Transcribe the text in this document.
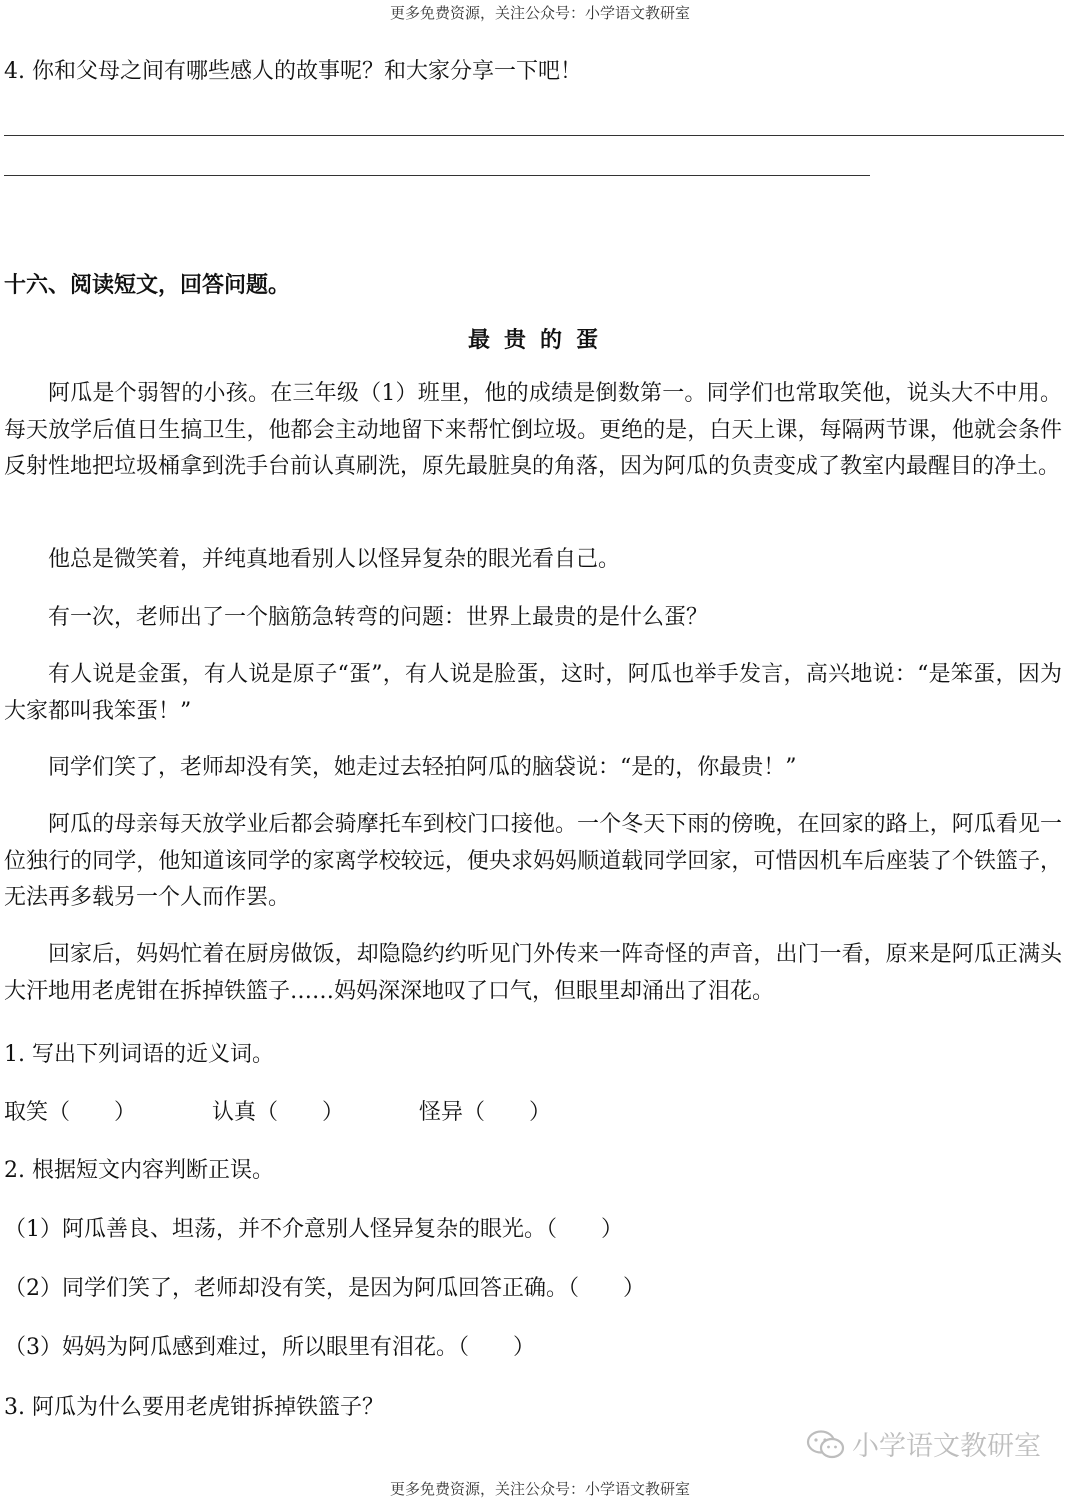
更多免费资源，关注公众号：小学语文教研室
4. 你和父母之间有哪些感人的故事呢？和大家分享一下吧！
十六、阅读短文，回答问题。
最贵的蛋
阿瓜是个弱智的小孩。在三年级（1）班里，他的成绩是倒数第一。同学们也常取笑他，说头大不中用。每天放学后值日生搞卫生，他都会主动地留下来帮忙倒垃圾。更绝的是，白天上课，每隔两节课，他就会条件反射性地把垃圾桶拿到洗手台前认真刷洗，原先最脏臭的角落，因为阿瓜的负责变成了教室内最醒目的净土。
他总是微笑着，并纯真地看别人以怪异复杂的眼光看自己。
有一次，老师出了一个脑筋急转弯的问题：世界上最贵的是什么蛋？
有人说是金蛋，有人说是原子“蛋”，有人说是脸蛋，这时，阿瓜也举手发言，高兴地说：“是笨蛋，因为大家都叫我笨蛋！”
同学们笑了，老师却没有笑，她走过去轻拍阿瓜的脑袋说：“是的，你最贵！”
阿瓜的母亲每天放学业后都会骑摩托车到校门口接他。一个冬天下雨的傍晚，在回家的路上，阿瓜看见一位独行的同学，他知道该同学的家离学校较远，便央求妈妈顺道载同学回家，可惜因机车后座装了个铁篮子，无法再多载另一个人而作罢。
回家后，妈妈忙着在厨房做饭，却隐隐约约听见门外传来一阵奇怪的声音，出门一看，原来是阿瓜正满头大汗地用老虎钳在拆掉铁篮子……妈妈深深地叹了口气，但眼里却涌出了泪花。
1. 写出下列词语的近义词。
取笑（　　）	认真（　　）	怪异（　　）
2. 根据短文内容判断正误。
（1）阿瓜善良、坦荡，并不介意别人怪异复杂的眼光。（　　）
（2）同学们笑了，老师却没有笑，是因为阿瓜回答正确。（　　）
（3）妈妈为阿瓜感到难过，所以眼里有泪花。（　　）
3. 阿瓜为什么要用老虎钳拆掉铁篮子？
小学语文教研室
更多免费资源，关注公众号：小学语文教研室
